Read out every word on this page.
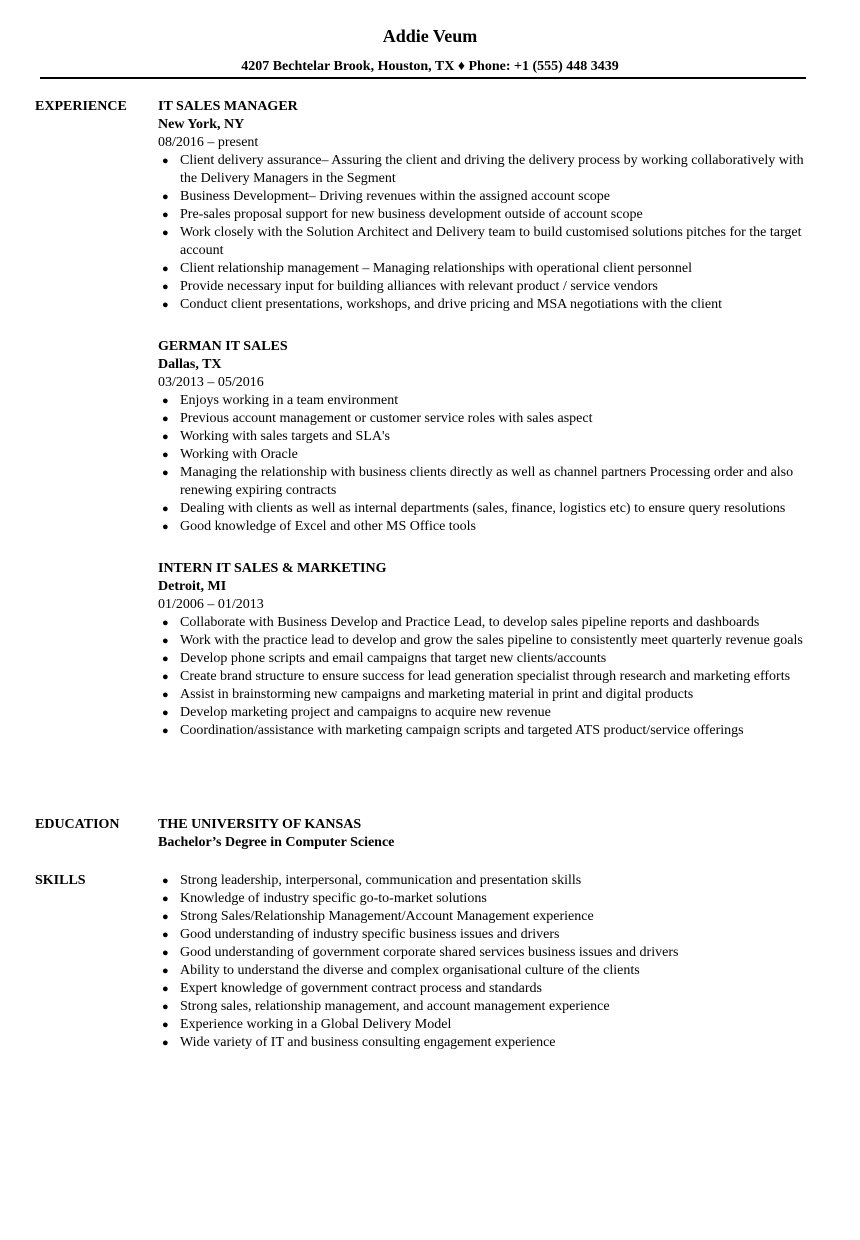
Addie Veum
4207 Bechtelar Brook, Houston, TX ♦ Phone: +1 (555) 448 3439
EXPERIENCE IT SALES MANAGER
New York, NY
08/2016 – present
● Client delivery assurance– Assuring the client and driving the delivery process by working collaboratively with the Delivery Managers in the Segment
● Business Development– Driving revenues within the assigned account scope
● Pre-sales proposal support for new business development outside of account scope
● Work closely with the Solution Architect and Delivery team to build customised solutions pitches for the target account
● Client relationship management – Managing relationships with operational client personnel
● Provide necessary input for building alliances with relevant product / service vendors
● Conduct client presentations, workshops, and drive pricing and MSA negotiations with the client
GERMAN IT SALES
Dallas, TX
03/2013 – 05/2016
● Enjoys working in a team environment
● Previous account management or customer service roles with sales aspect
● Working with sales targets and SLA's
● Working with Oracle
● Managing the relationship with business clients directly as well as channel partners Processing order and also renewing expiring contracts
● Dealing with clients as well as internal departments (sales, finance, logistics etc) to ensure query resolutions
● Good knowledge of Excel and other MS Office tools
INTERN IT SALES & MARKETING
Detroit, MI
01/2006 – 01/2013
● Collaborate with Business Develop and Practice Lead, to develop sales pipeline reports and dashboards
● Work with the practice lead to develop and grow the sales pipeline to consistently meet quarterly revenue goals
● Develop phone scripts and email campaigns that target new clients/accounts
● Create brand structure to ensure success for lead generation specialist through research and marketing efforts
● Assist in brainstorming new campaigns and marketing material in print and digital products
● Develop marketing project and campaigns to acquire new revenue
● Coordination/assistance with marketing campaign scripts and targeted ATS product/service offerings
EDUCATION	THE UNIVERSITY OF KANSAS
Bachelor’s Degree in Computer Science
SKILLS	● Strong leadership, interpersonal, communication and presentation skills
● Knowledge of industry specific go-to-market solutions
● Strong Sales/Relationship Management/Account Management experience
● Good understanding of industry specific business issues and drivers
● Good understanding of government corporate shared services business issues and drivers
● Ability to understand the diverse and complex organisational culture of the clients
● Expert knowledge of government contract process and standards
● Strong sales, relationship management, and account management experience
● Experience working in a Global Delivery Model
● Wide variety of IT and business consulting engagement experience
